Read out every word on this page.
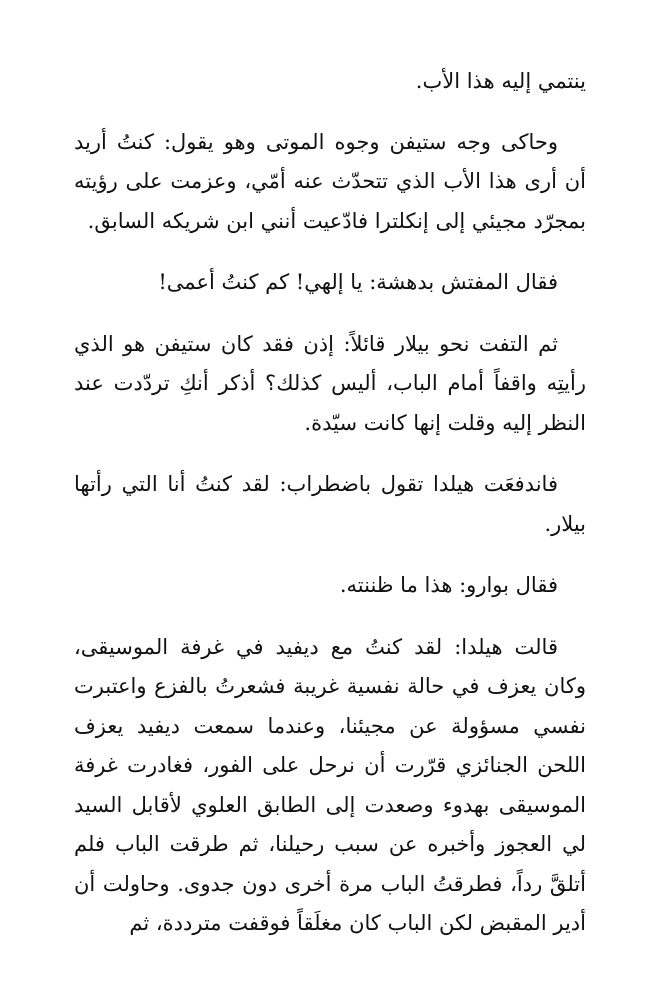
ينتمي إليه هذا الأب.

وحاكى وجه ستيفن وجوه الموتى وهو يقول: كنتُ أريد أن أرى هذا الأب الذي تتحدّث عنه أمّي، وعزمت على رؤيته بمجرّد مجيئي إلى إنكلترا فادّعيت أنني ابن شريكه السابق.

فقال المفتش بدهشة: يا إلهي! كم كنتُ أعمى!

ثم التفت نحو بيلار قائلاً: إذن فقد كان ستيفن هو الذي رأيتِه واقفاً أمام الباب، أليس كذلك؟ أذكر أنكِ تردّدت عند النظر إليه وقلت إنها كانت سيّدة.

فاندفعَت هيلدا تقول باضطراب: لقد كنتُ أنا التي رأتها بيلار.

فقال بوارو: هذا ما ظننته.

قالت هيلدا: لقد كنتُ مع ديفيد في غرفة الموسيقى، وكان يعزف في حالة نفسية غريبة فشعرتُ بالفزع واعتبرت نفسي مسؤولة عن مجيئنا، وعندما سمعت ديفيد يعزف اللحن الجنائزي قرّرت أن نرحل على الفور، فغادرت غرفة الموسيقى بهدوء وصعدت إلى الطابق العلوي لأقابل السيد لي العجوز وأخبره عن سبب رحيلنا، ثم طرقت الباب فلم أتلقَّ رداً، فطرقتُ الباب مرة أخرى دون جدوى. وحاولت أن أدير المقبض لكن الباب كان مغلَقاً فوقفت مترددة، ثم
